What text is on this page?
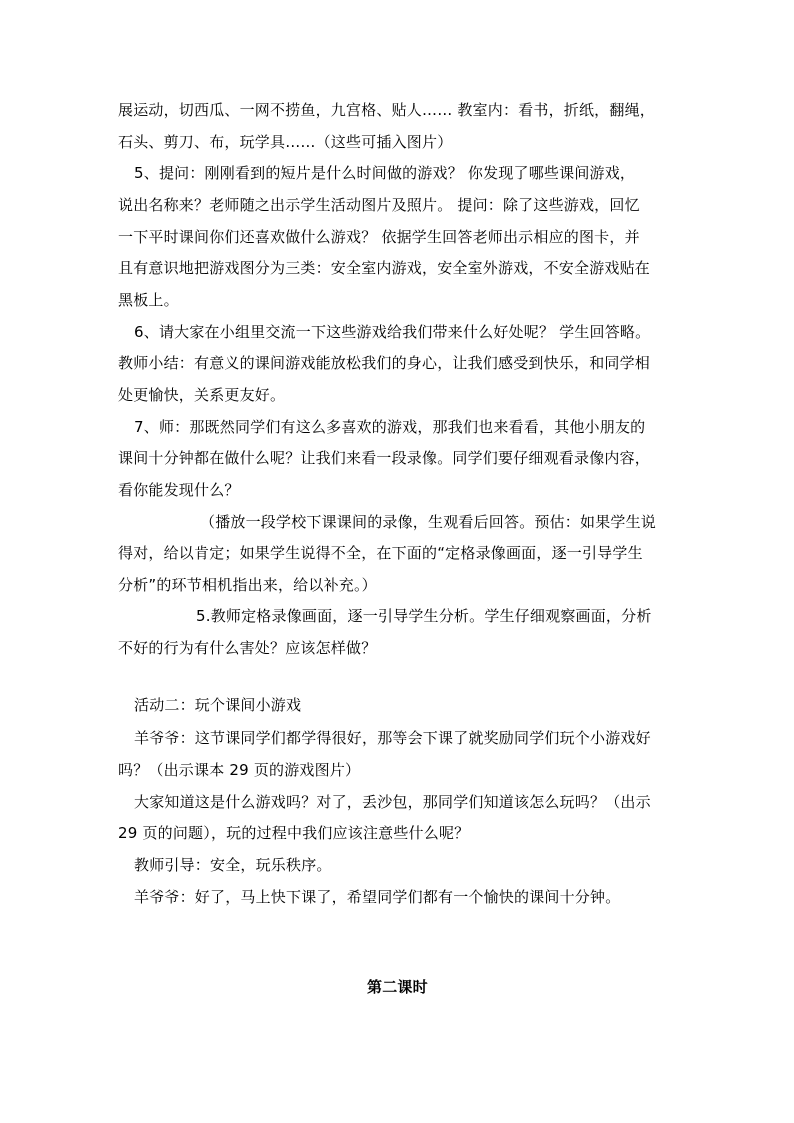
展运动，切西瓜、一网不捞鱼，九宫格、贴人…… 教室内：看书，折纸，翻绳，
石头、剪刀、布，玩学具……（这些可插入图片）
5、提问：刚刚看到的短片是什么时间做的游戏？ 你发现了哪些课间游戏，
说出名称来？老师随之出示学生活动图片及照片。 提问：除了这些游戏，回忆
一下平时课间你们还喜欢做什么游戏？ 依据学生回答老师出示相应的图卡，并
且有意识地把游戏图分为三类：安全室内游戏，安全室外游戏，不安全游戏贴在
黑板上。
6、请大家在小组里交流一下这些游戏给我们带来什么好处呢？ 学生回答略。
教师小结：有意义的课间游戏能放松我们的身心，让我们感受到快乐，和同学相
处更愉快，关系更友好。
7、师：那既然同学们有这么多喜欢的游戏，那我们也来看看，其他小朋友的
课间十分钟都在做什么呢？让我们来看一段录像。同学们要仔细观看录像内容，
看你能发现什么？
（播放一段学校下课课间的录像，生观看后回答。预估：如果学生说
得对，给以肯定；如果学生说得不全，在下面的“定格录像画面，逐一引导学生
分析”的环节相机指出来，给以补充。）
5.教师定格录像画面，逐一引导学生分析。学生仔细观察画面，分析
不好的行为有什么害处？应该怎样做？
活动二：玩个课间小游戏
羊爷爷：这节课同学们都学得很好，那等会下课了就奖励同学们玩个小游戏好
吗？（出示课本 29 页的游戏图片）
大家知道这是什么游戏吗？对了，丢沙包，那同学们知道该怎么玩吗？（出示
29 页的问题），玩的过程中我们应该注意些什么呢？
教师引导：安全，玩乐秩序。
羊爷爷：好了，马上快下课了，希望同学们都有一个愉快的课间十分钟。
第二课时
